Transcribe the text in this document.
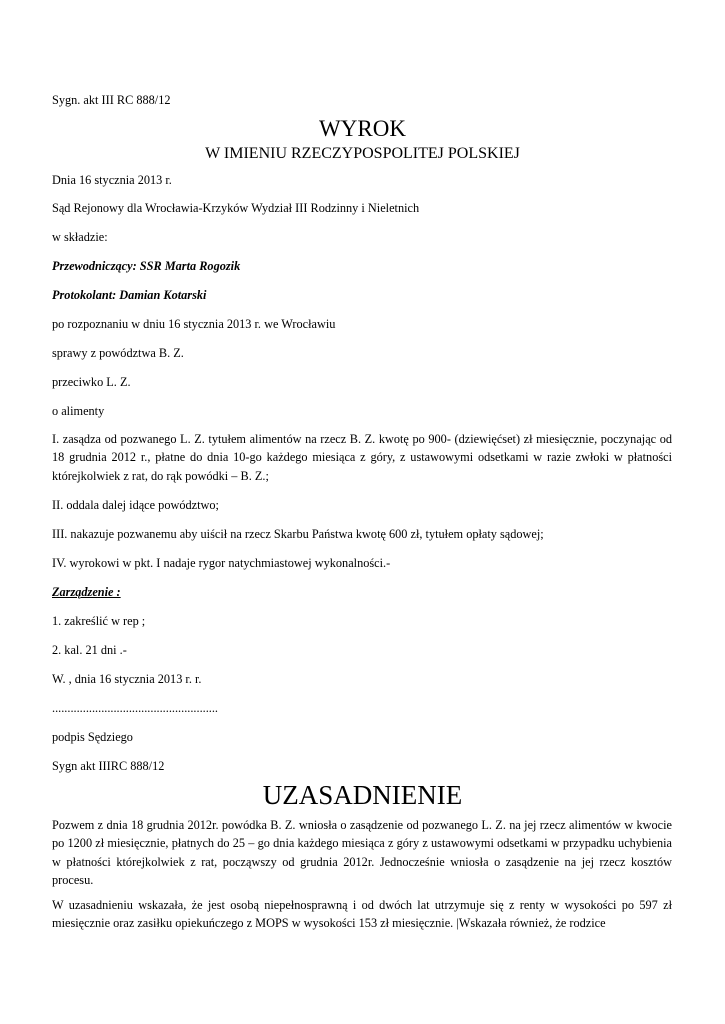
Sygn. akt III RC 888/12
WYROK
W IMIENIU RZECZYPOSPOLITEJ POLSKIEJ
Dnia 16 stycznia 2013 r.
Sąd Rejonowy dla Wrocławia-Krzyków Wydział III Rodzinny i Nieletnich
w składzie:
Przewodniczący: SSR Marta Rogozik
Protokolant: Damian Kotarski
po rozpoznaniu w dniu 16 stycznia 2013 r. we Wrocławiu
sprawy z powództwa B. Z.
przeciwko L. Z.
o alimenty
I. zasądza od pozwanego L. Z. tytułem alimentów na rzecz B. Z. kwotę po 900- (dziewięćset) zł miesięcznie, poczynając od 18 grudnia 2012 r., płatne do dnia 10-go każdego miesiąca z góry, z ustawowymi odsetkami w razie zwłoki w płatności którejkolwiek z rat, do rąk powódki – B. Z.;
II. oddala dalej idące powództwo;
III. nakazuje pozwanemu aby uiścił na rzecz Skarbu Państwa kwotę 600 zł, tytułem opłaty sądowej;
IV. wyrokowi w pkt. I nadaje rygor natychmiastowej wykonalności.-
Zarządzenie :
1. zakreślić w rep ;
2. kal. 21 dni .-
W. , dnia 16 stycznia 2013 r. r.
......................................................
podpis Sędziego
Sygn akt IIIRC 888/12
UZASADNIENIE
Pozwem z dnia 18 grudnia 2012r. powódka B. Z. wniosła o zasądzenie od pozwanego L. Z. na jej rzecz alimentów w kwocie po 1200 zł miesięcznie, płatnych do 25 – go dnia każdego miesiąca z góry z ustawowymi odsetkami w przypadku uchybienia w płatności którejkolwiek z rat, począwszy od grudnia 2012r. Jednocześnie wniosła o zasądzenie na jej rzecz kosztów procesu.
W uzasadnieniu wskazała, że jest osobą niepełnosprawną i od dwóch lat utrzymuje się z renty w wysokości po 597 zł miesięcznie oraz zasiłku opiekuńczego z MOPS w wysokości 153 zł miesięcznie. |Wskazała również, że rodzice
